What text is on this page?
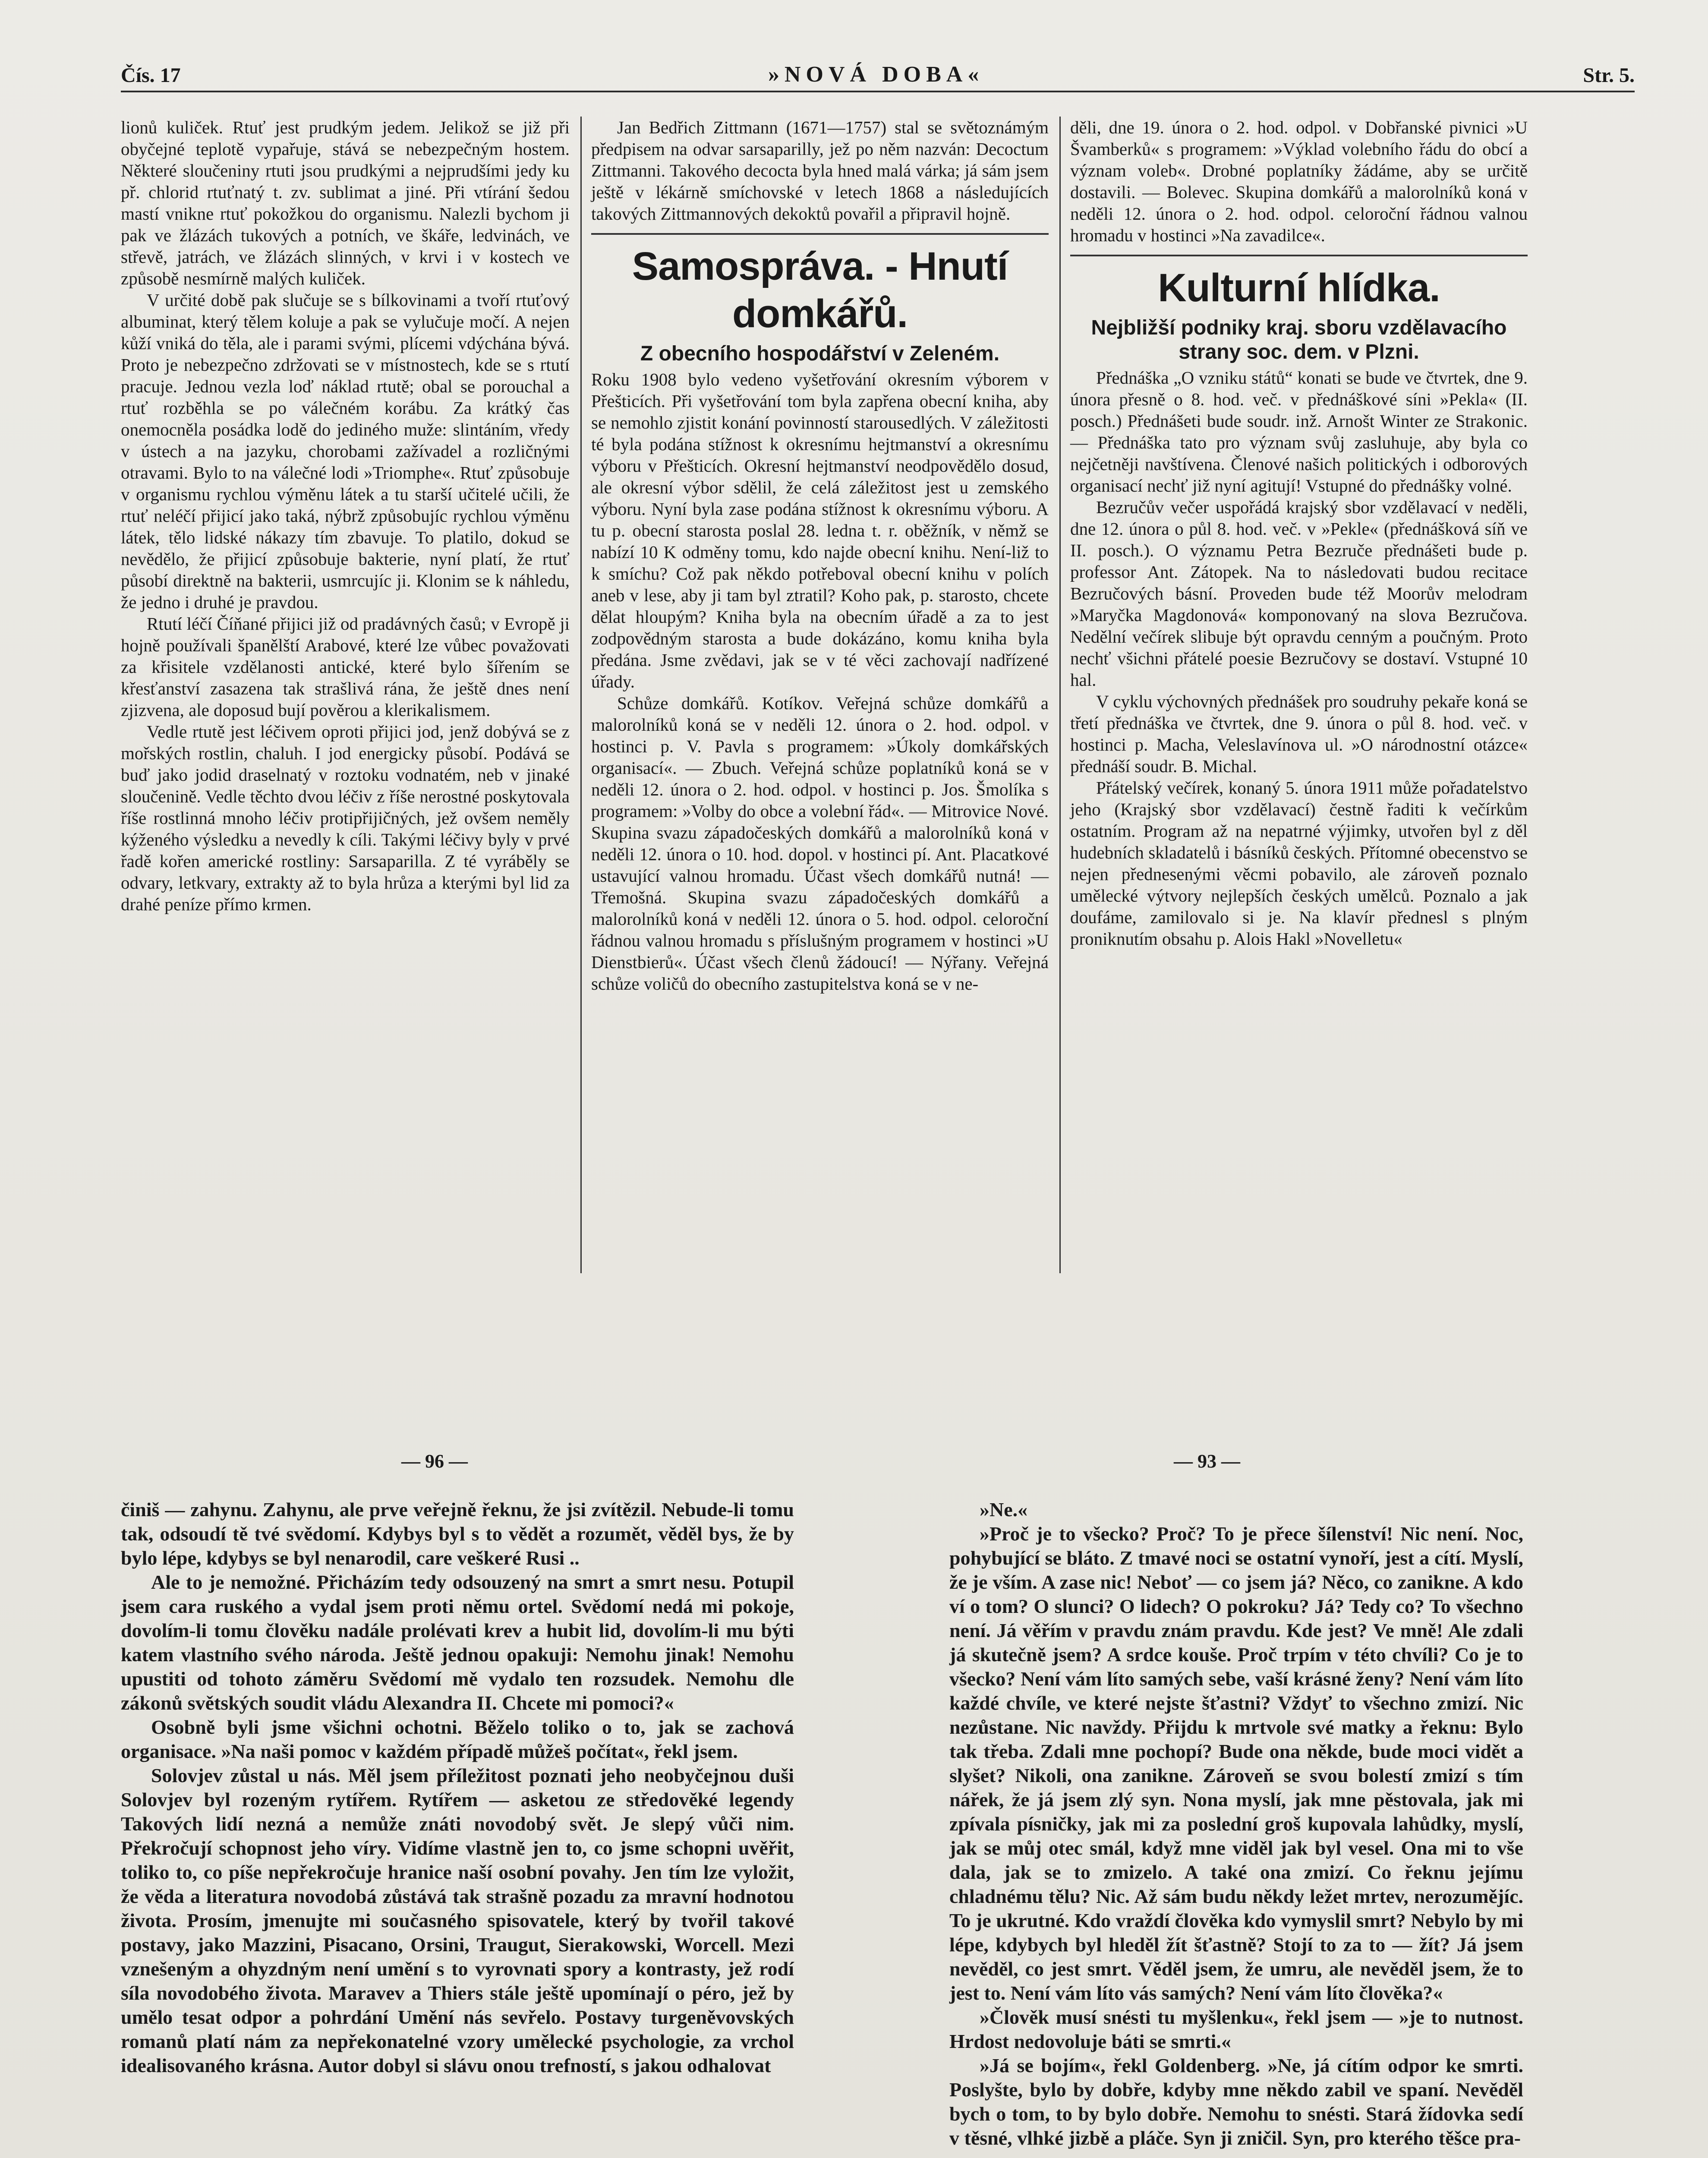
Čís. 17	»NOVÁ DOBA«	Str. 5.

lionů kuliček. Rtuť jest prudkým jedem. Jelikož se již při obyčejné teplotě vypařuje, stává se nebezpečným hostem. Některé sloučeniny rtuti jsou prudkými a nejprudšími jedy ku př. chlorid rtuťnatý t. zv. sublimat a jiné. Při vtírání šedou mastí vnikne rtuť pokožkou do organismu. Nalezli bychom ji pak ve žlázách tukových a potních, ve škáře, ledvinách, ve střevě, jatrách, ve žlázách slinných, v krvi i v kostech ve způsobě nesmírně malých kuliček.

V určité době pak slučuje se s bílkovinami a tvoří rtuťový albuminat, který tělem koluje a pak se vylučuje močí. A nejen kůží vniká do těla, ale i parami svými, plícemi vdýchána bývá. Proto je nebezpečno zdržovati se v místnostech, kde se s rtutí pracuje. Jednou vezla loď náklad rtutě; obal se porouchal a rtuť rozběhla se po válečném korábu. Za krátký čas onemocněla posádka lodě do jediného muže: slintáním, vředy v ústech a na jazyku, chorobami zažívadel a rozličnými otravami. Bylo to na válečné lodi »Triomphe«. Rtuť způsobuje v organismu rychlou výměnu látek a tu starší učitelé učili, že rtuť neléčí přijicí jako taká, nýbrž způsobujíc rychlou výměnu látek, tělo lidské nákazy tím zbavuje. To platilo, dokud se nevědělo, že přijicí způsobuje bakterie, nyní platí, že rtuť působí direktně na bakterii, usmrcujíc ji. Klonim se k náhledu, že jedno i druhé je pravdou.

Rtutí léčí Číňané přijici již od pradávných časů; v Evropě ji hojně používali španělští Arabové, které lze vůbec považovati za křisitele vzdělanosti antické, které bylo šířením se křesťanství zasazena tak strašlivá rána, že ještě dnes není zjizvena, ale doposud bují pověrou a klerikalismem.

Vedle rtutě jest léčivem oproti přijici jod, jenž dobývá se z mořských rostlin, chaluh. I jod energicky působí. Podává se buď jako jodid draselnatý v roztoku vodnatém, neb v jinaké sloučenině. Vedle těchto dvou léčiv z říše nerostné poskytovala říše rostlinná mnoho léčiv protipřijičných, jež ovšem neměly kýženého výsledku a nevedly k cíli. Takými léčivy byly v prvé řadě kořen americké rostliny: Sarsaparilla. Z té vyráběly se odvary, letkvary, extrakty až to byla hrůza a kterými byl lid za drahé peníze přímo krmen.

Jan Bedřich Zittmann (1671—1757) stal se světoznámým předpisem na odvar sarsaparilly, jež po něm nazván: Decoctum Zittmanni. Takového decocta byla hned malá várka; já sám jsem ještě v lékárně smíchovské v letech 1868 a následujících takových Zittmannových dekoktů povařil a připravil hojně.

Samospráva. - Hnutí domkářů.
Z obecního hospodářství v Zeleném.

Roku 1908 bylo vedeno vyšetřování okresním výborem v Přešticích. Při vyšetřování tom byla zapřena obecní kniha, aby se nemohlo zjistit konání povinností starousedlých. V záležitosti té byla podána stížnost k okresnímu hejtmanství a okresnímu výboru v Přešticích. Okresní hejtmanství neodpovědělo dosud, ale okresní výbor sdělil, že celá záležitost jest u zemského výboru. Nyní byla zase podána stížnost k okresnímu výboru. A tu p. obecní starosta poslal 28. ledna t. r. oběžník, v němž se nabízí 10 K odměny tomu, kdo najde obecní knihu. Není-liž to k smíchu? Což pak někdo potřeboval obecní knihu v polích aneb v lese, aby ji tam byl ztratil? Koho pak, p. starosto, chcete dělat hloupým? Kniha byla na obecním úřadě a za to jest zodpovědným starosta a bude dokázáno, komu kniha byla předána. Jsme zvědavi, jak se v té věci zachovají nadřízené úřady.

Schůze domkářů. Kotíkov. Veřejná schůze domkářů a malorolníků koná se v neděli 12. února o 2. hod. odpol. v hostinci p. V. Pavla s programem: »Úkoly domkářských organisací«. — Zbuch. Veřejná schůze poplatníků koná se v neděli 12. února o 2. hod. odpol. v hostinci p. Jos. Šmolíka s programem: »Volby do obce a volební řád«. — Mitrovice Nové. Skupina svazu západočeských domkářů a malorolníků koná v neděli 12. února o 10. hod. dopol. v hostinci pí. Ant. Placatkové ustavující valnou hromadu. Účast všech domkářů nutná! — Třemošná. Skupina svazu západočeských domkářů a malorolníků koná v neděli 12. února o 5. hod. odpol. celoroční řádnou valnou hromadu s příslušným programem v hostinci »U Dienstbierů«. Účast všech členů žádoucí! — Nýřany. Veřejná schůze voličů do obecního zastupitelstva koná se v ne-

děli, dne 19. února o 2. hod. odpol. v Dobřanské pivnici »U Švamberků« s programem: »Výklad volebního řádu do obcí a význam voleb«. Drobné poplatníky žádáme, aby se určitě dostavili. — Bolevec. Skupina domkářů a malorolníků koná v neděli 12. února o 2. hod. odpol. celoroční řádnou valnou hromadu v hostinci »Na zavadilce«.

Kulturní hlídka.
Nejbližší podniky kraj. sboru vzdělavacího strany soc. dem. v Plzni.

Přednáška „O vzniku států“ konati se bude ve čtvrtek, dne 9. února přesně o 8. hod. več. v přednáškové síni »Pekla« (II. posch.) Přednášeti bude soudr. inž. Arnošt Winter ze Strakonic. — Přednáška tato pro význam svůj zasluhuje, aby byla co nejčetněji navštívena. Členové našich politických i odborových organisací nechť již nyní agitují! Vstupné do přednášky volné.

Bezručův večer uspořádá krajský sbor vzdělavací v neděli, dne 12. února o půl 8. hod. več. v »Pekle« (přednášková síň ve II. posch.). O významu Petra Bezruče přednášeti bude p. professor Ant. Zátopek. Na to následovati budou recitace Bezručových básní. Proveden bude též Moorův melodram »Maryčka Magdonová« komponovaný na slova Bezručova. Nedělní večírek slibuje být opravdu cenným a poučným. Proto nechť všichni přátelé poesie Bezručovy se dostaví. Vstupné 10 hal.

V cyklu výchovných přednášek pro soudruhy pekaře koná se třetí přednáška ve čtvrtek, dne 9. února o půl 8. hod. več. v hostinci p. Macha, Veleslavínova ul. »O národnostní otázce« přednáší soudr. B. Michal.

Přátelský večírek, konaný 5. února 1911 může pořadatelstvo jeho (Krajský sbor vzdělavací) čestně řaditi k večírkům ostatním. Program až na nepatrné výjimky, utvořen byl z děl hudebních skladatelů i básníků českých. Přítomné obecenstvo se nejen přednesenými věcmi pobavilo, ale zároveň poznalo umělecké výtvory nejlepších českých umělců. Poznalo a jak doufáme, zamilovalo si je. Na klavír přednesl s plným proniknutím obsahu p. Alois Hakl »Novelletu«

— 96 —	— 93 —

činiš — zahynu. Zahynu, ale prve veřejně řeknu, že jsi zvítězil. Nebude-li tomu tak, odsoudí tě tvé svědomí. Kdybys byl s to vědět a rozumět, věděl bys, že by bylo lépe, kdybys se byl nenarodil, care veškeré Rusi ..

Ale to je nemožné. Přicházím tedy odsouzený na smrt a smrt nesu. Potupil jsem cara ruského a vydal jsem proti němu ortel. Svědomí nedá mi pokoje, dovolím-li tomu člověku nadále prolévati krev a hubit lid, dovolím-li mu býti katem vlastního svého národa. Ještě jednou opakuji: Nemohu jinak! Nemohu upustiti od tohoto záměru Svědomí mě vydalo ten rozsudek. Nemohu dle zákonů světských soudit vládu Alexandra II. Chcete mi pomoci?«

Osobně byli jsme všichni ochotni. Běželo toliko o to, jak se zachová organisace. »Na naši pomoc v každém případě můžeš počítat«, řekl jsem.

Solovjev zůstal u nás. Měl jsem příležitost poznati jeho neobyčejnou duši Solovjev byl rozeným rytířem. Rytířem — asketou ze středověké legendy Takových lidí nezná a nemůže znáti novodobý svět. Je slepý vůči nim. Překročují schopnost jeho víry. Vidíme vlastně jen to, co jsme schopni uvěřit, toliko to, co píše nepřekročuje hranice naší osobní povahy. Jen tím lze vyložit, že věda a literatura novodobá zůstává tak strašně pozadu za mravní hodnotou života. Prosím, jmenujte mi současného spisovatele, který by tvořil takové postavy, jako Mazzini, Pisacano, Orsini, Traugut, Sierakowski, Worcell. Mezi vznešeným a ohyzdným není umění s to vyrovnati spory a kontrasty, jež rodí síla novodobého života. Maravev a Thiers stále ještě upomínají o péro, jež by umělo tesat odpor a pohrdání Umění nás sevřelo. Postavy turgeněvovských romanů platí nám za nepřekonatelné vzory umělecké psychologie, za vrchol idealisovaného krásna. Autor dobyl si slávu onou trefností, s jakou odhalovat

»Ne.«

»Proč je to všecko? Proč? To je přece šílenství! Nic není. Noc, pohybující se bláto. Z tmavé noci se ostatní vynoří, jest a cítí. Myslí, že je vším. A zase nic! Neboť — co jsem já? Něco, co zanikne. A kdo ví o tom? O slunci? O lidech? O pokroku? Já? Tedy co? To všechno není. Já věřím v pravdu znám pravdu. Kde jest? Ve mně! Ale zdali já skutečně jsem? A srdce kouše. Proč trpím v této chvíli? Co je to všecko? Není vám líto samých sebe, vaší krásné ženy? Není vám líto každé chvíle, ve které nejste šťastni? Vždyť to všechno zmizí. Nic nezůstane. Nic navždy. Přijdu k mrtvole své matky a řeknu: Bylo tak třeba. Zdali mne pochopí? Bude ona někde, bude moci vidět a slyšet? Nikoli, ona zanikne. Zároveň se svou bolestí zmizí s tím nářek, že já jsem zlý syn. Nona myslí, jak mne pěstovala, jak mi zpívala písničky, jak mi za poslední groš kupovala lahůdky, myslí, jak se můj otec smál, když mne viděl jak byl vesel. Ona mi to vše dala, jak se to zmizelo. A také ona zmizí. Co řeknu jejímu chladnému tělu? Nic. Až sám budu někdy ležet mrtev, nerozumějíc. To je ukrutné. Kdo vraždí člověka kdo vymyslil smrt? Nebylo by mi lépe, kdybych byl hleděl žít šťastně? Stojí to za to — žít? Já jsem nevěděl, co jest smrt. Věděl jsem, že umru, ale nevěděl jsem, že to jest to. Není vám líto vás samých? Není vám líto člověka?«

»Člověk musí snésti tu myšlenku«, řekl jsem — »je to nutnost. Hrdost nedovoluje báti se smrti.«

»Já se bojím«, řekl Goldenberg. »Ne, já cítím odpor ke smrti. Poslyšte, bylo by dobře, kdyby mne někdo zabil ve spaní. Nevěděl bych o tom, to by bylo dobře. Nemohu to snésti. Stará žídovka sedí v těsné, vlhké jizbě a pláče. Syn ji zničil. Syn, pro kterého těšce pra-
